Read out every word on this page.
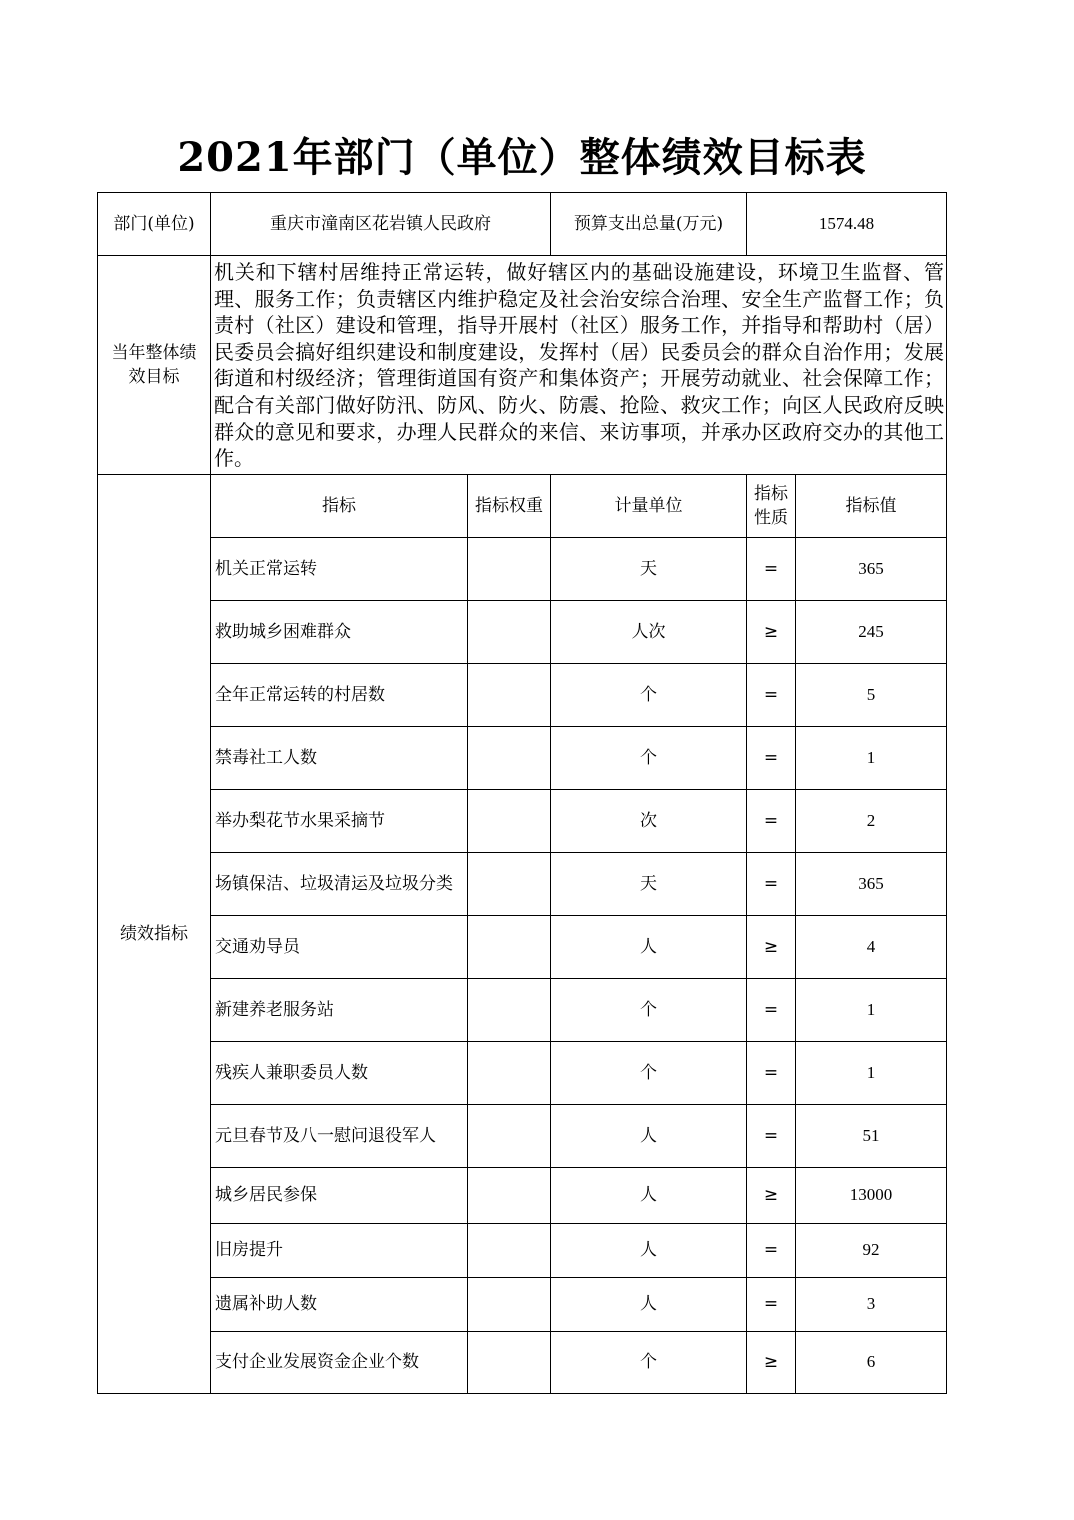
2021年部门（单位）整体绩效目标表
部门(单位)	重庆市潼南区花岩镇人民政府		预算支出总量(万元)	1574.48	
当年整体绩效目标	机关和下辖村居维持正常运转，做好辖区内的基础设施建设，环境卫生监督、管理、服务工作；负责辖区内维护稳定及社会治安综合治理、安全生产监督工作；负责村（社区）建设和管理，指导开展村（社区）服务工作，并指导和帮助村（居）民委员会搞好组织建设和制度建设，发挥村（居）民委员会的群众自治作用；发展街道和村级经济；管理街道国有资产和集体资产；开展劳动就业、社会保障工作；配合有关部门做好防汛、防风、防火、防震、抢险、救灾工作；向区人民政府反映群众的意见和要求，办理人民群众的来信、来访事项，并承办区政府交办的其他工作。				
绩效指标	指标	指标权重	计量单位	指标性质	指标值
	机关正常运转		天	=	365
	救助城乡困难群众		人次	≥	245
	全年正常运转的村居数		个	=	5
	禁毒社工人数		个	=	1
	举办梨花节水果采摘节		次	=	2
	场镇保洁、垃圾清运及垃圾分类		天	=	365
	交通劝导员		人	≥	4
	新建养老服务站		个	=	1
	残疾人兼职委员人数		个	=	1
	元旦春节及八一慰问退役军人		人	=	51
	城乡居民参保		人	≥	13000
	旧房提升		人	=	92
	遗属补助人数		人	=	3
	支付企业发展资金企业个数		个	≥	6
